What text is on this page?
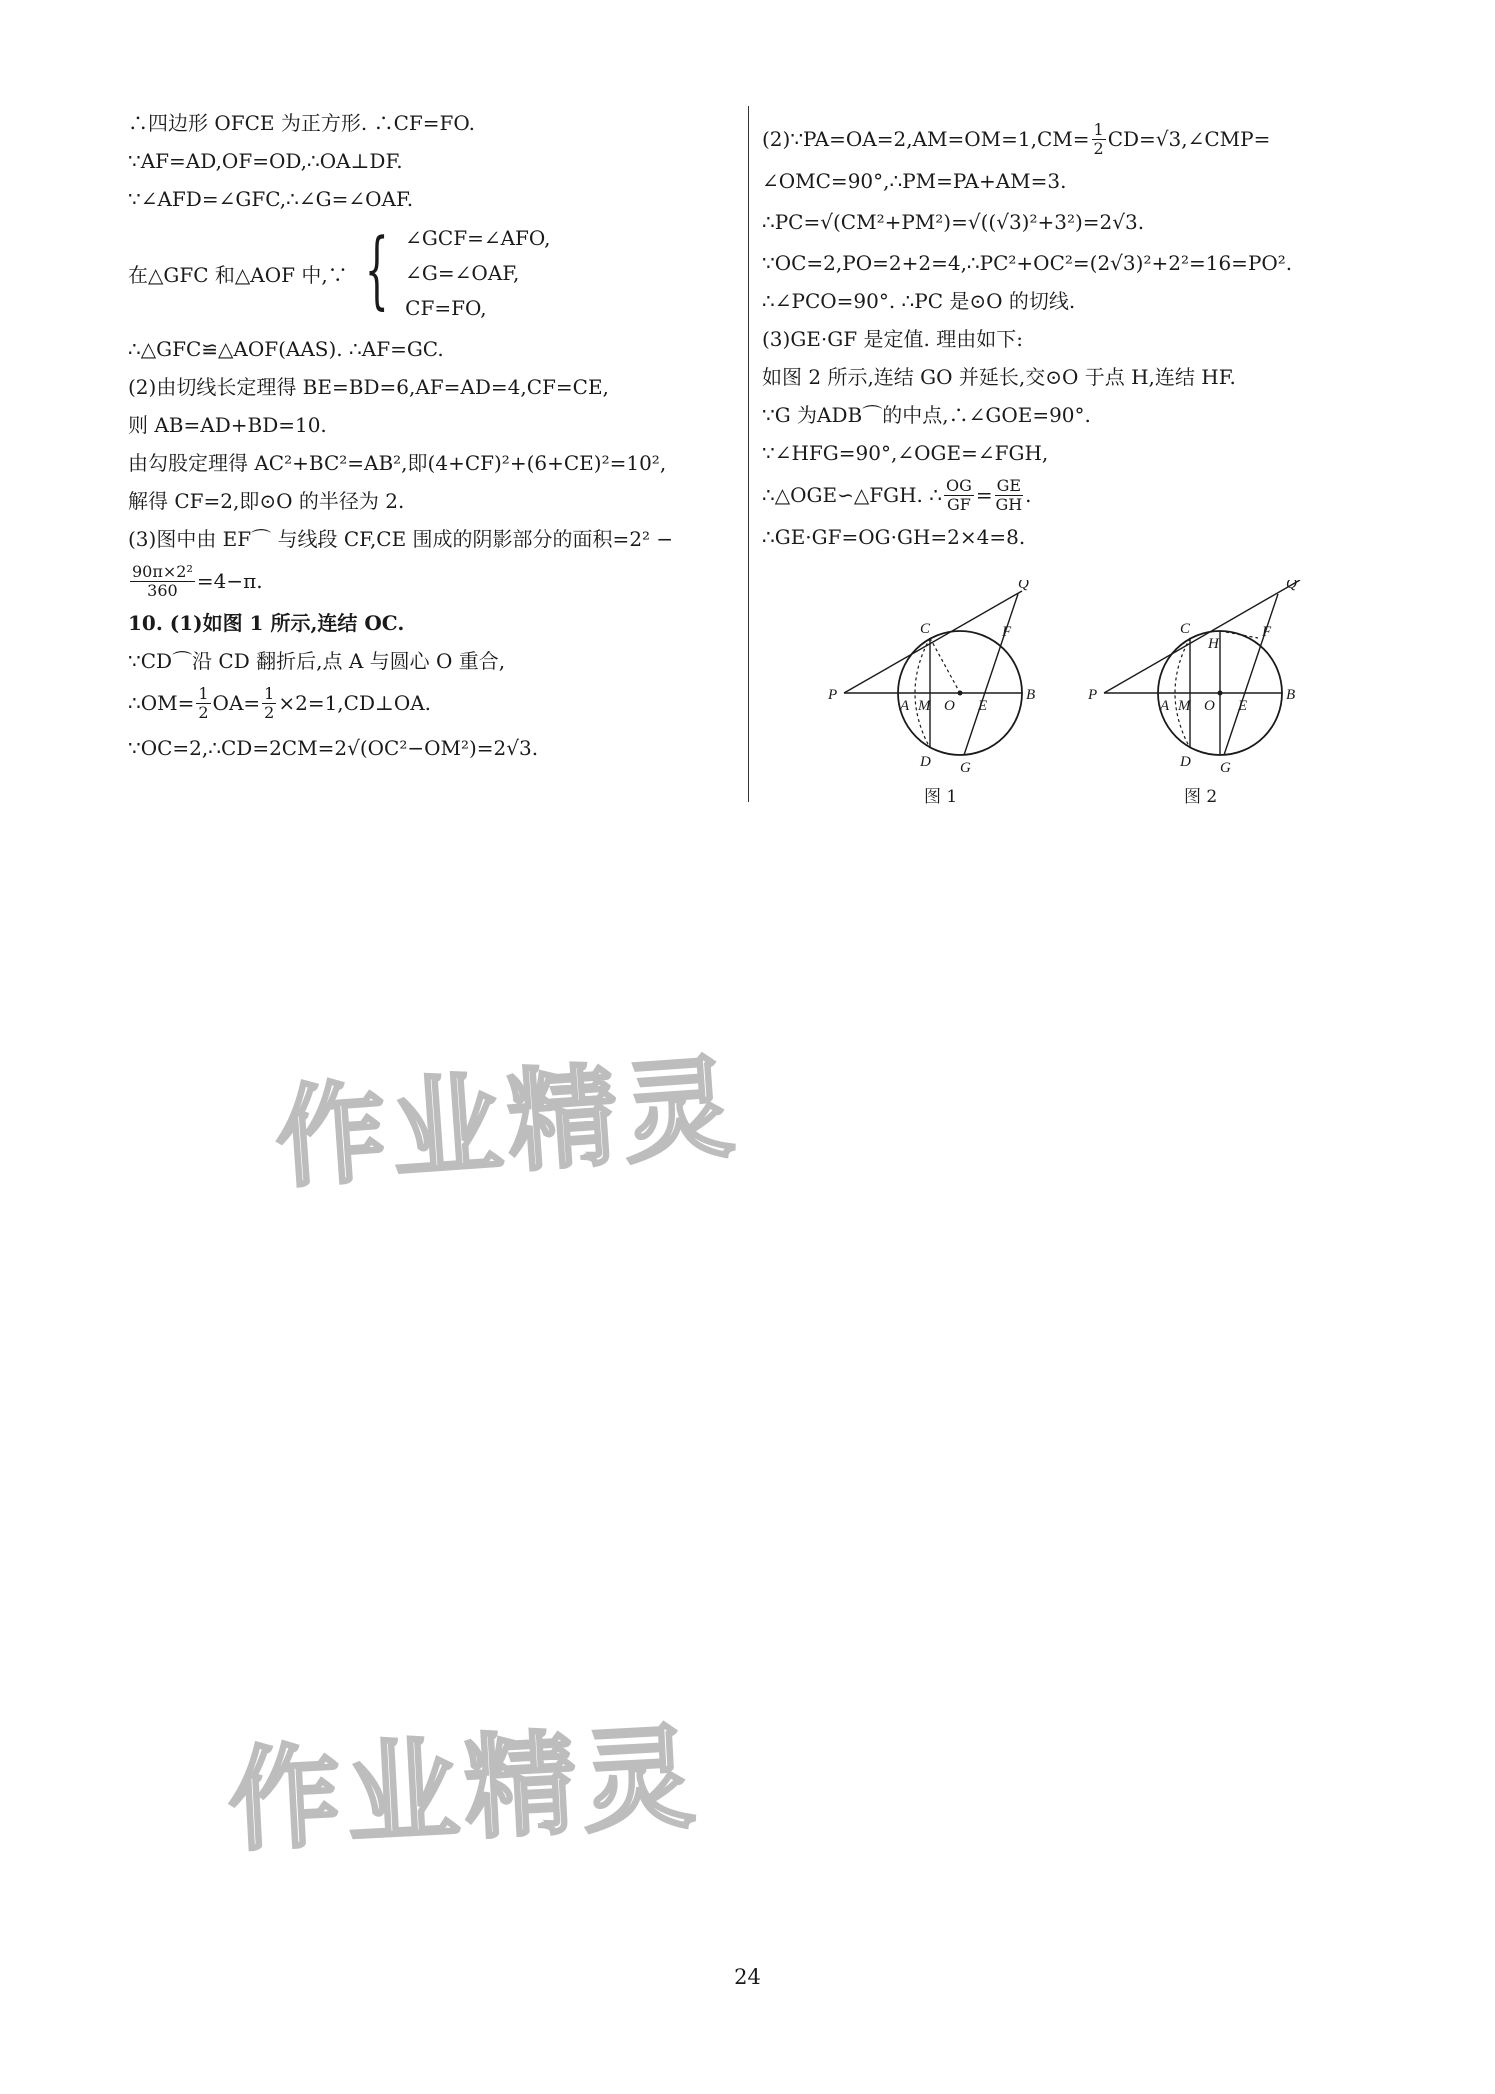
∴四边形 OFCE 为正方形. ∴CF=FO.
∵AF=AD,OF=OD,∴OA⊥DF.
∵∠AFD=∠GFC,∴∠G=∠OAF.
在△GFC 和△AOF 中,∵ { ∠GCF=∠AFO,
∠G=∠OAF,
CF=FO,
∴△GFC≌△AOF(AAS). ∴AF=GC.
(2)由切线长定理得 BE=BD=6,AF=AD=4,CF=CE,
则 AB=AD+BD=10.
由勾股定理得 AC²+BC²=AB²,即(4+CF)²+(6+CE)²=10²,
解得 CF=2,即⊙O 的半径为 2.
(3)图中由 EF⌒ 与线段 CF,CE 围成的阴影部分的面积=2² −
$\frac{\text{90π×2²}}{360} =4-\pi$.
10. (1)如图 1 所示,连结 OC.
∵CD⌒沿 CD 翻折后,点 A 与圆心 O 重合,
∴OM= $\frac{1}{2} OA= \frac{1}{2}$ ×2=1,CD⊥OA.
∵OC=2,∴CD=2CM=2√(OC²−OM²)=2√3.
(2)∵PA=OA=2,AM=OM=1,CM= $\frac{1}{2}$ CD=√3,∠CMP=
∠OMC=90°,∴PM=PA+AM=3.
∴PC=√(CM²+PM²)=√((√3)²+3²)=2√3.
∵OC=2,PO=2+2=4,∴PC²+OC²=(2√3)²+2²=16=PO².
∴∠PCO=90°. ∴PC 是⊙O 的切线.
(3)GE·GF 是定值. 理由如下:
如图 2 所示,连结 GO 并延长,交⊙O 于点 H,连结 HF.
∵G 为ADB⌒的中点,∴∠GOE=90°.
∵∠HFG=90°,∠OGE=∠FGH,
∴△OGE∽△FGH. ∴ $\frac{OG}{GF} = \frac{GE}{GH}$ .
∴GE·GF=OG·GH=2×4=8.
P
A M O E
B
C
D G
F
Q
P
A M O E
B
C
D G
F
Q
H
图 1	图 2
作业精灵
作业精灵
24
